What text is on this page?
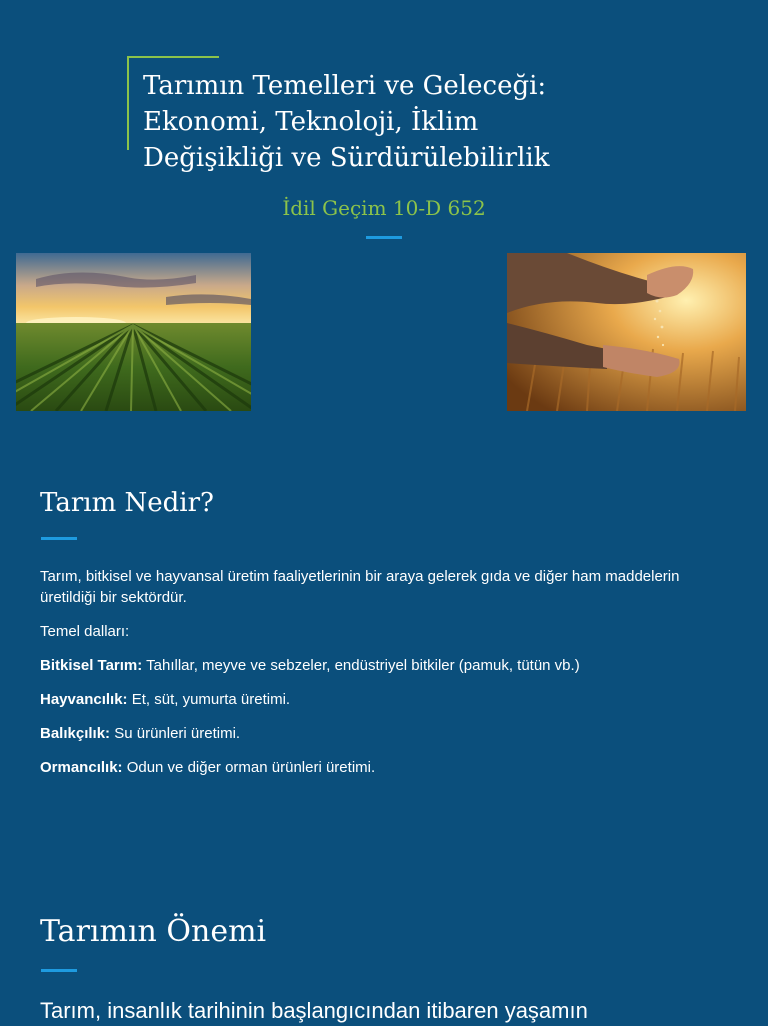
Tarımın Temelleri ve Geleceği:
Ekonomi, Teknoloji, İklim
Değişikliği ve Sürdürülebilirlik
İdil Geçim 10-D 652
Tarım Nedir?

Tarım, bitkisel ve hayvansal üretim faaliyetlerinin bir araya gelerek gıda ve diğer ham maddelerin üretildiği bir sektördür.

Temel dalları:

Bitkisel Tarım: Tahıllar, meyve ve sebzeler, endüstriyel bitkiler (pamuk, tütün vb.)

Hayvancılık: Et, süt, yumurta üretimi.

Balıkçılık: Su ürünleri üretimi.

Ormancılık: Odun ve diğer orman ürünleri üretimi.

Tarımın Önemi

Tarım, insanlık tarihinin başlangıcından itibaren yaşamın
